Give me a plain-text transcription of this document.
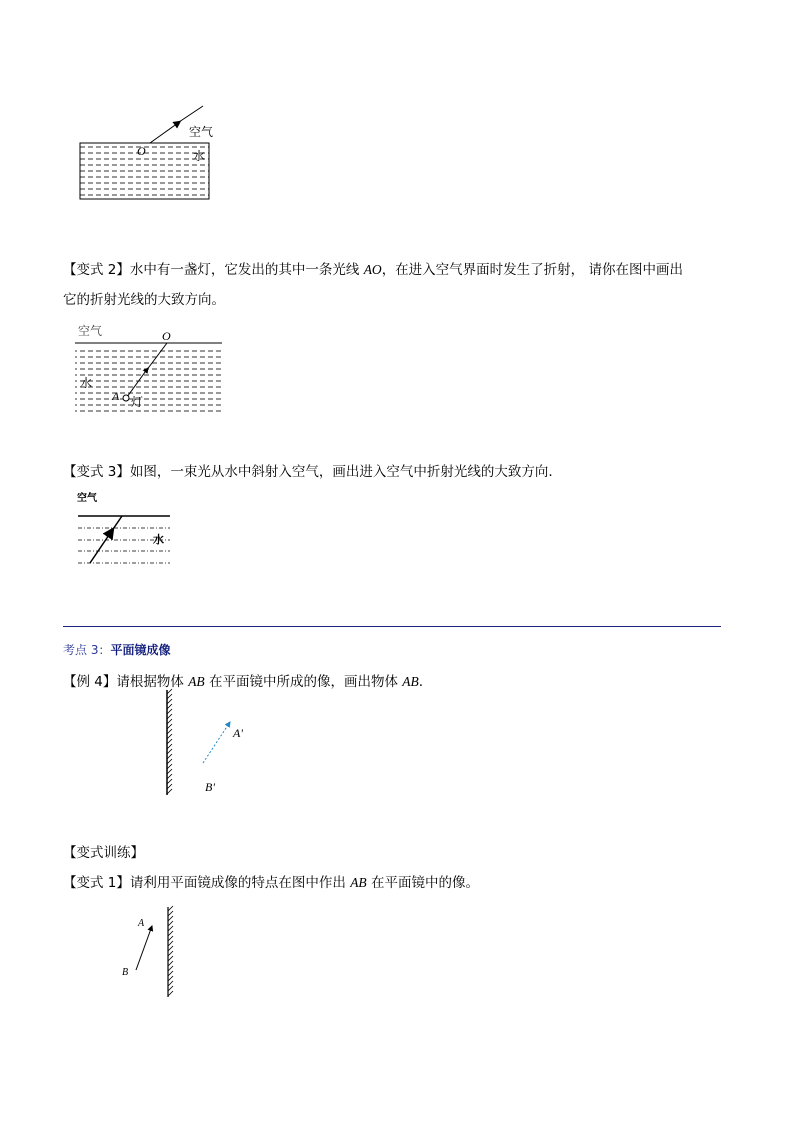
空气
水
O
【变式 2】水中有一盏灯，它发出的其中一条光线 AO，在进入空气界面时发生了折射， 请你在图中画出
它的折射光线的大致方向。
空气	O
水
A 灯
【变式 3】如图，一束光从水中斜射入空气，画出进入空气中折射光线的大致方向.
空气
水
考点 3：平面镜成像
【例 4】请根据物体 AB 在平面镜中所成的像，画出物体 AB.
A'
B'
【变式训练】
【变式 1】请利用平面镜成像的特点在图中作出 AB 在平面镜中的像。
A
B
